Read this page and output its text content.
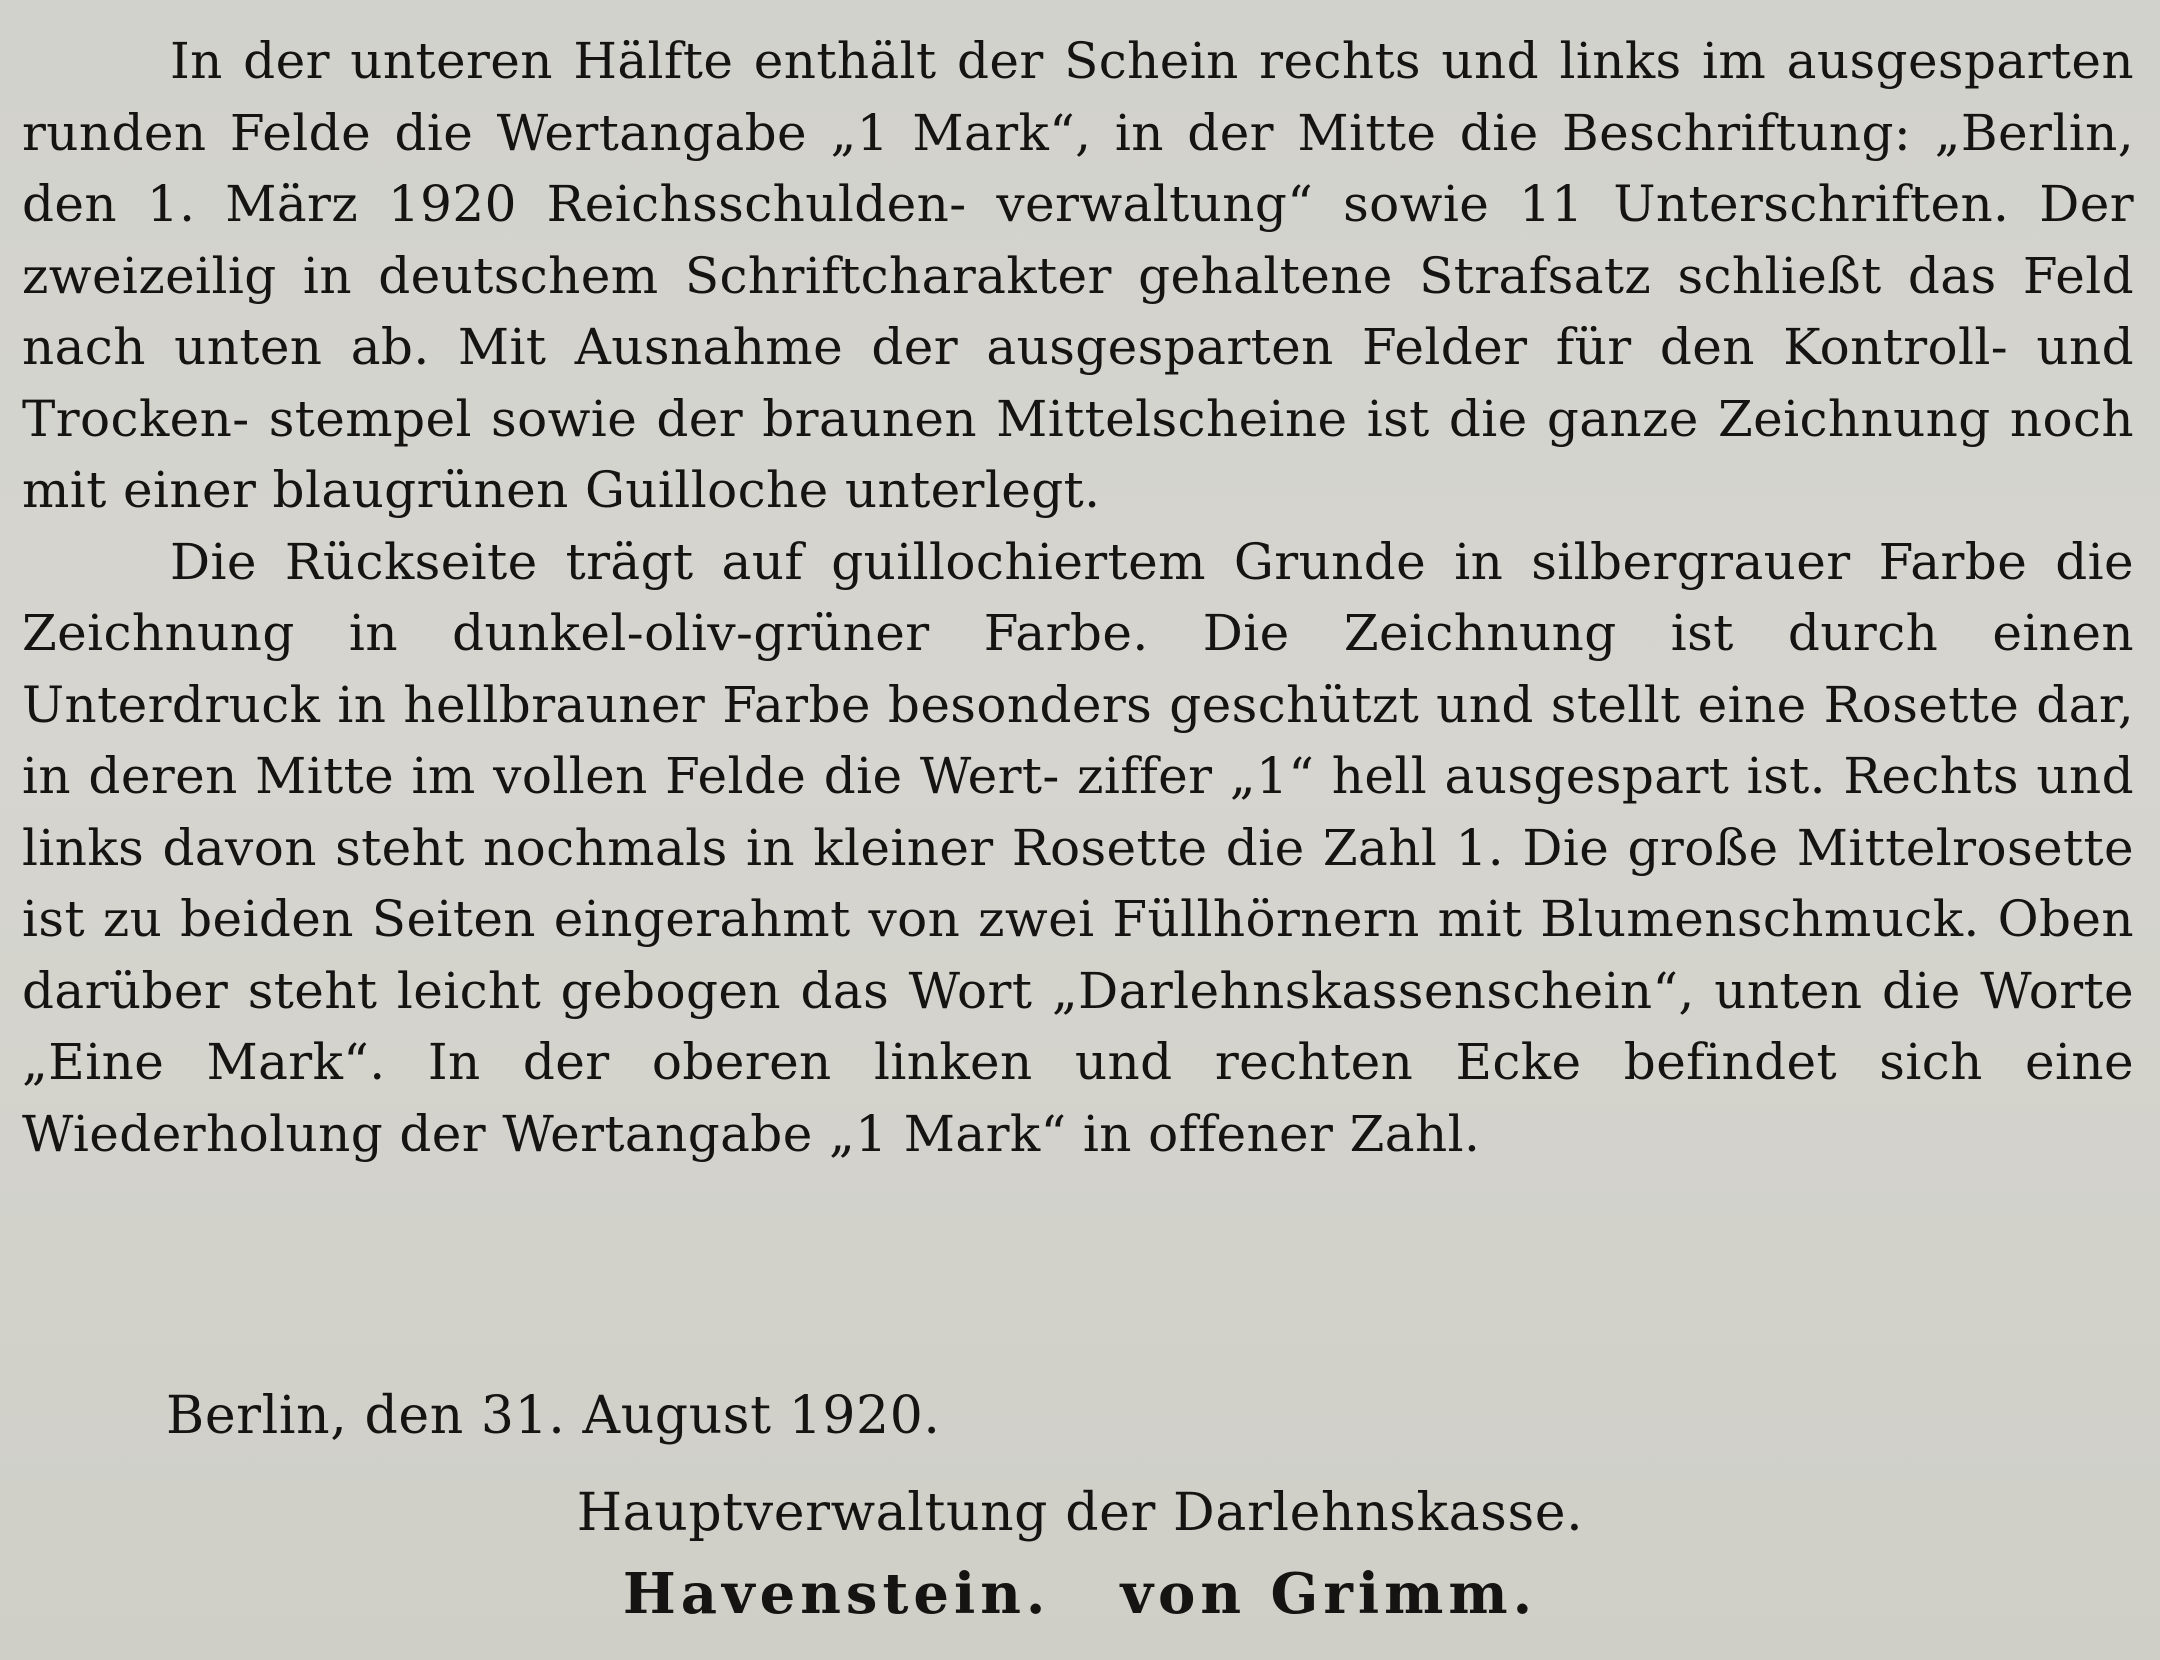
In der unteren Hälfte enthält der Schein rechts und links im ausgesparten runden Felde die Wertangabe „1 Mark“, in der Mitte die Beschriftung: „Berlin, den 1. März 1920 Reichsschulden- verwaltung“ sowie 11 Unterschriften. Der zweizeilig in deutschem Schriftcharakter gehaltene Strafsatz schließt das Feld nach unten ab. Mit Ausnahme der ausgesparten Felder für den Kontroll- und Trocken- stempel sowie der braunen Mittelscheine ist die ganze Zeichnung noch mit einer blaugrünen Guilloche unterlegt.

Die Rückseite trägt auf guillochiertem Grunde in silbergrauer Farbe die Zeichnung in dunkel-oliv-grüner Farbe. Die Zeichnung ist durch einen Unterdruck in hellbrauner Farbe besonders geschützt und stellt eine Rosette dar, in deren Mitte im vollen Felde die Wert- ziffer „1“ hell ausgespart ist. Rechts und links davon steht nochmals in kleiner Rosette die Zahl 1. Die große Mittelrosette ist zu beiden Seiten eingerahmt von zwei Füllhörnern mit Blumenschmuck. Oben darüber steht leicht gebogen das Wort „Darlehnskassenschein“, unten die Worte „Eine Mark“. In der oberen linken und rechten Ecke befindet sich eine Wiederholung der Wertangabe „1 Mark“ in offener Zahl.

Berlin, den 31. August 1920.
Hauptverwaltung der Darlehnskasse.
Havenstein. von Grimm.
